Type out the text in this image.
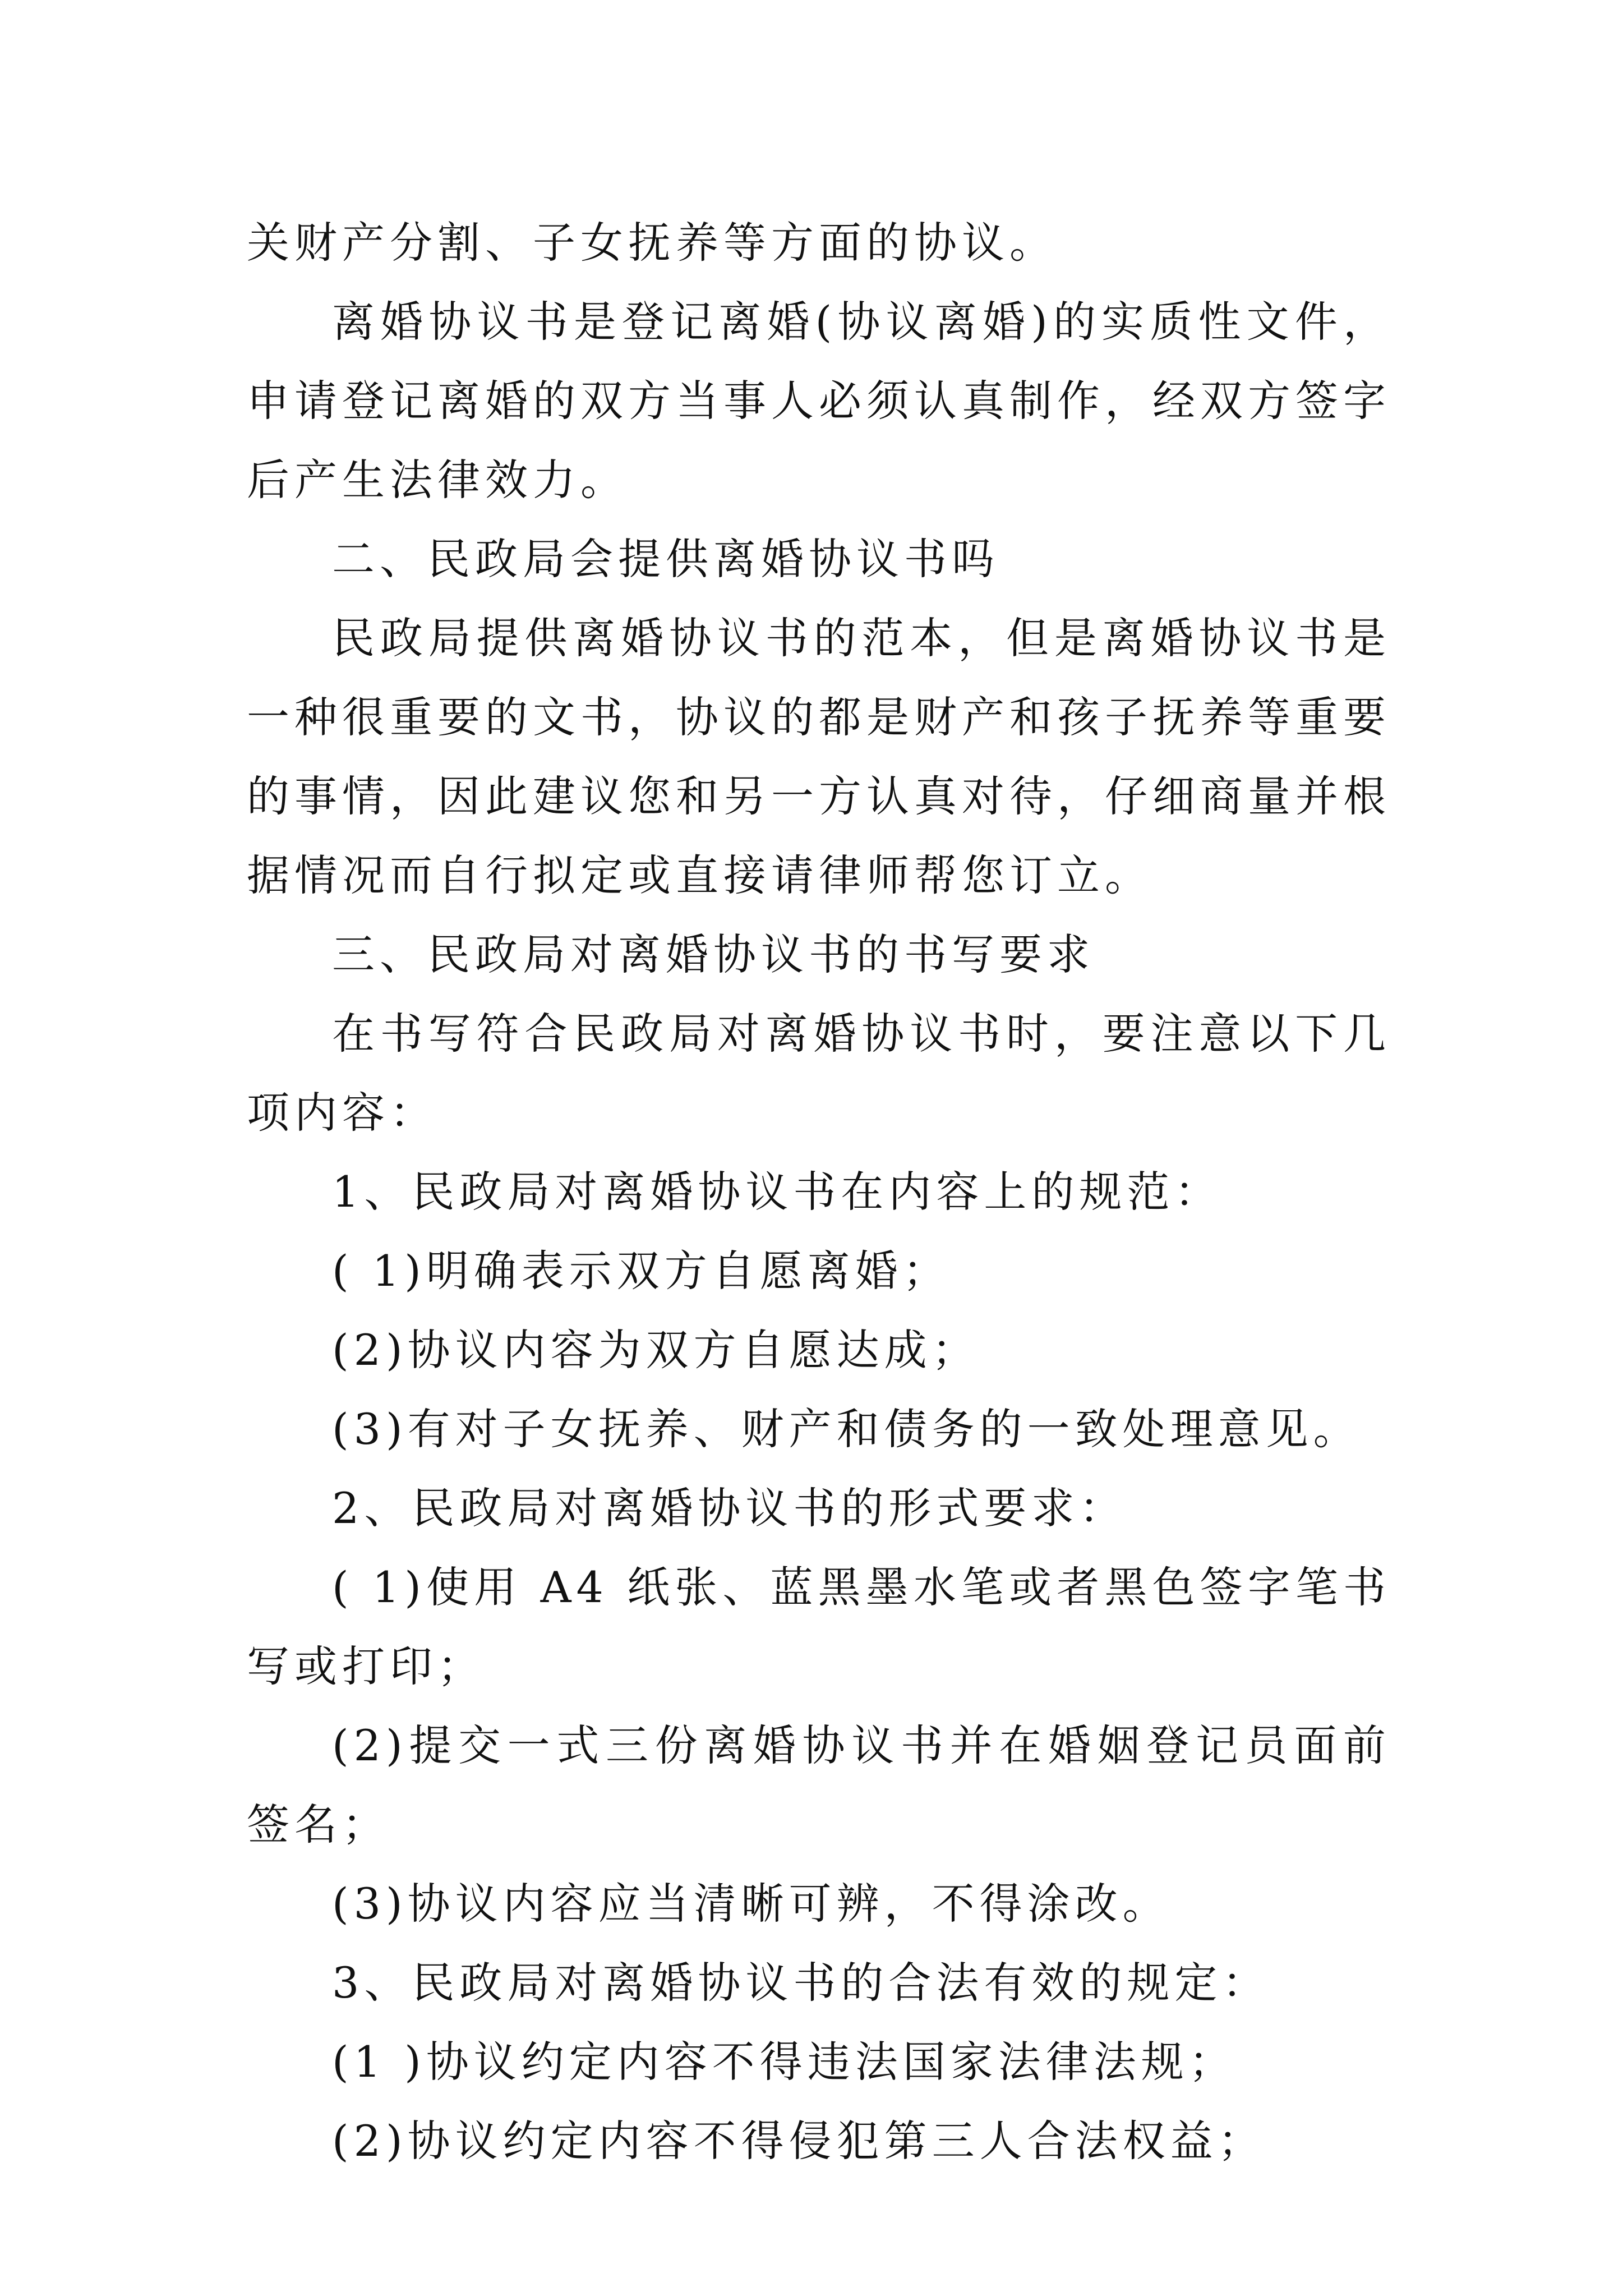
关财产分割、子女抚养等方面的协议。

离婚协议书是登记离婚(协议离婚)的实质性文件，申请登记离婚的双方当事人必须认真制作，经双方签字后产生法律效力。

二、民政局会提供离婚协议书吗

民政局提供离婚协议书的范本，但是离婚协议书是一种很重要的文书，协议的都是财产和孩子抚养等重要的事情，因此建议您和另一方认真对待，仔细商量并根据情况而自行拟定或直接请律师帮您订立。

三、民政局对离婚协议书的书写要求

在书写符合民政局对离婚协议书时，要注意以下几项内容：

1、民政局对离婚协议书在内容上的规范：

( 1)明确表示双方自愿离婚；

(2)协议内容为双方自愿达成；

(3)有对子女抚养、财产和债务的一致处理意见。

2、民政局对离婚协议书的形式要求：

( 1)使用 A4 纸张、蓝黑墨水笔或者黑色签字笔书写或打印；

(2)提交一式三份离婚协议书并在婚姻登记员面前签名；

(3)协议内容应当清晰可辨，不得涂改。

3、民政局对离婚协议书的合法有效的规定：

(1 )协议约定内容不得违法国家法律法规；

(2)协议约定内容不得侵犯第三人合法权益；
